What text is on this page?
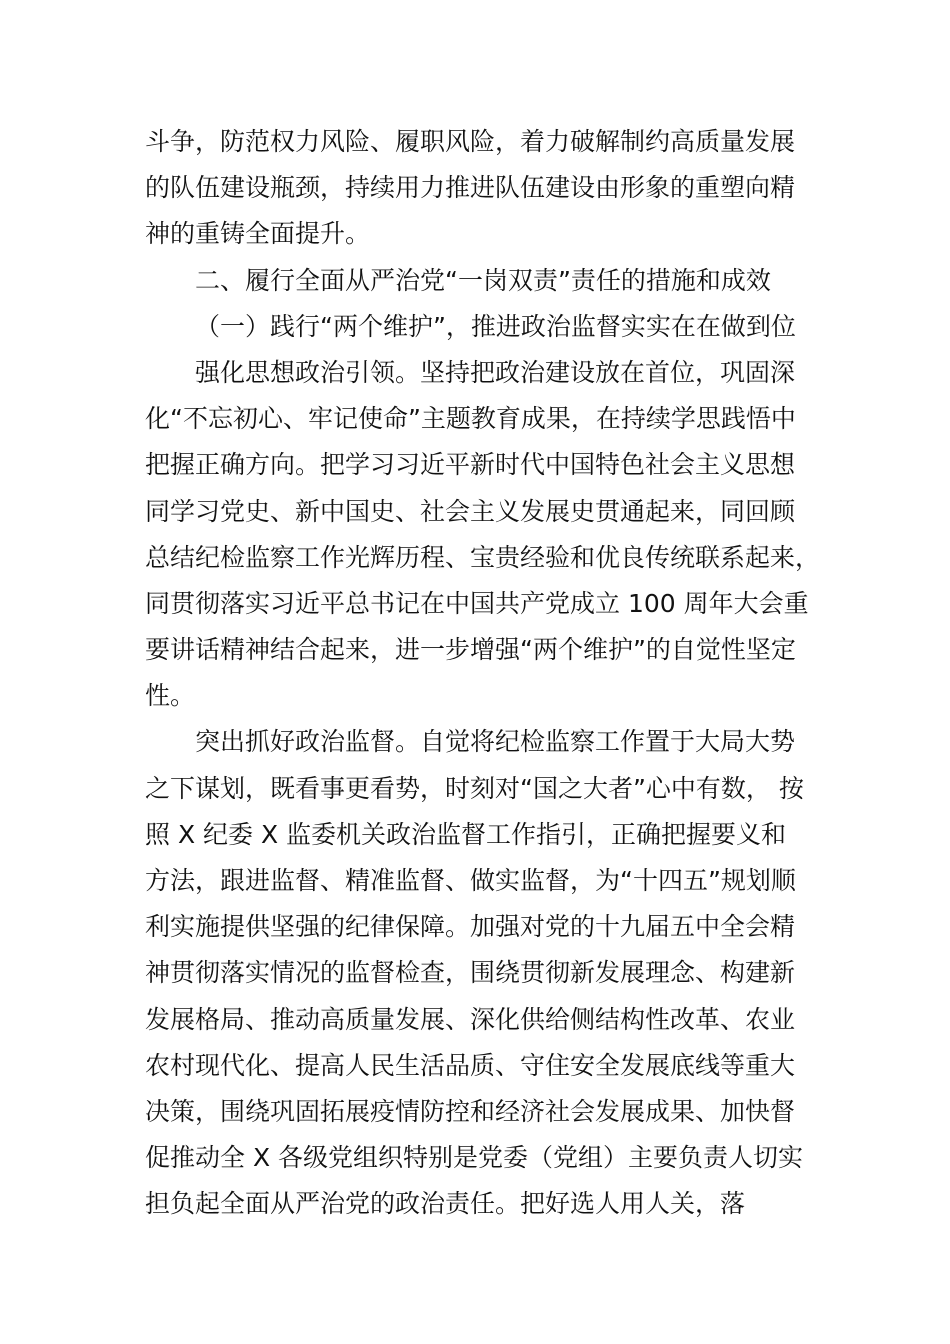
斗争，防范权力风险、履职风险，着力破解制约高质量发展
的队伍建设瓶颈，持续用力推进队伍建设由形象的重塑向精
神的重铸全面提升。
二、履行全面从严治党“一岗双责”责任的措施和成效
（一）践行“两个维护”，推进政治监督实实在在做到位
强化思想政治引领。坚持把政治建设放在首位，巩固深
化“不忘初心、牢记使命”主题教育成果，在持续学思践悟中
把握正确方向。把学习习近平新时代中国特色社会主义思想
同学习党史、新中国史、社会主义发展史贯通起来，同回顾
总结纪检监察工作光辉历程、宝贵经验和优良传统联系起来，
同贯彻落实习近平总书记在中国共产党成立 100 周年大会重
要讲话精神结合起来，进一步增强“两个维护”的自觉性坚定
性。
突出抓好政治监督。自觉将纪检监察工作置于大局大势
之下谋划，既看事更看势，时刻对“国之大者”心中有数， 按
照 X 纪委 X 监委机关政治监督工作指引，正确把握要义和
方法，跟进监督、精准监督、做实监督，为“十四五”规划顺
利实施提供坚强的纪律保障。加强对党的十九届五中全会精
神贯彻落实情况的监督检查，围绕贯彻新发展理念、构建新
发展格局、推动高质量发展、深化供给侧结构性改革、农业
农村现代化、提高人民生活品质、守住安全发展底线等重大
决策，围绕巩固拓展疫情防控和经济社会发展成果、加快督
促推动全 X 各级党组织特别是党委（党组）主要负责人切实
担负起全面从严治党的政治责任。把好选人用人关，落
